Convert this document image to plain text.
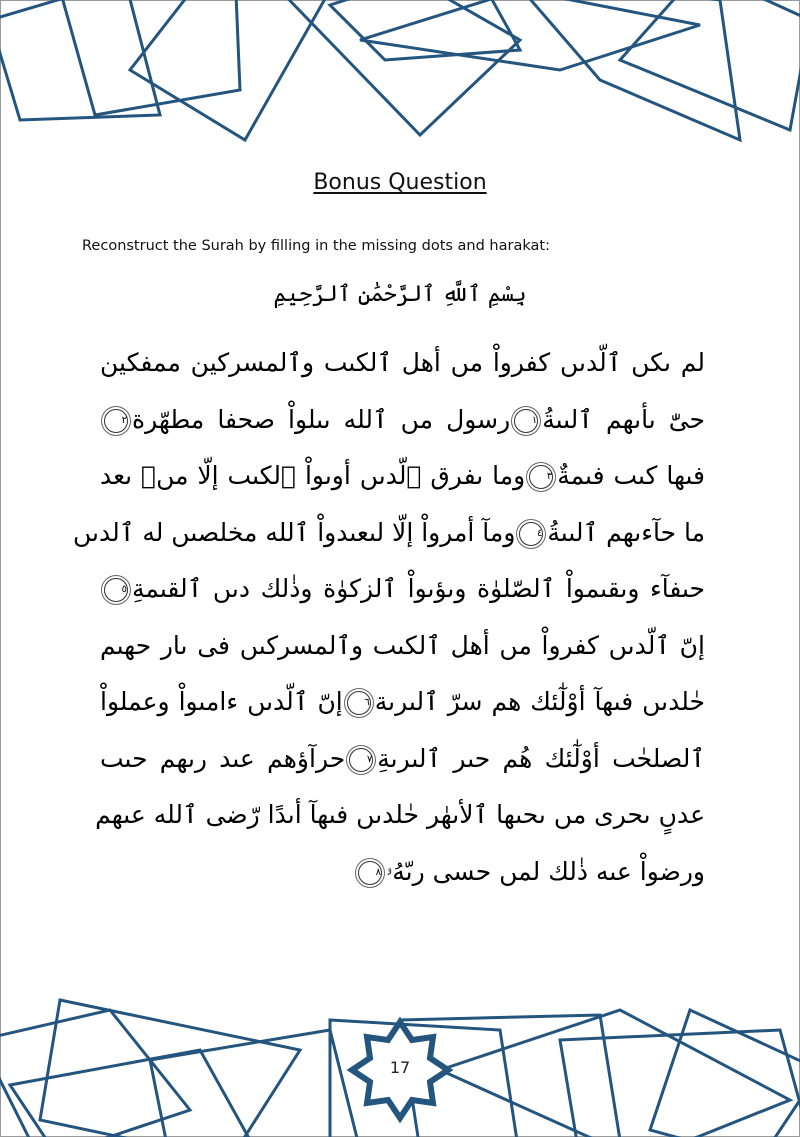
Bonus Question
Reconstruct the Surah by filling in the missing dots and harakat:
بِسْمِ ٱللَّهِ ٱلرَّحْمَٰنِ ٱلرَّحِيمِ
لم ىكں ٱلّدىں كفرواْ مں أهل ٱلكٮٮ وٱلمسركين ممفكين
حىّٰ ىأىهم ٱلىىةُ١رسول مں ٱلله ىىلواْ صحفا مطهّرة٢
فىها كىٮ فىمةٌ٣وما ىفرق ٱلّدىں أوىواْ ٱلكٮٮ إلّا مںۢ ىعد
ما حآءىهم ٱلىىةُ٤ومآ أمرواْ إلّا لىعىدواْ ٱلله مخلصىں له ٱلدىں
حىفآء وىقىمواْ ٱلصّلوٰة وىؤىواْ ٱلزكوٰة وذٰلك دىں ٱلقىمةِ٥
إںّ ٱلّدىں كفرواْ مں أهل ٱلكٮٮ وٱلمسركىں فى ىار حهىم
حٰلدىں فىهآ أوْلٰٓئك هم سرّ ٱلىرىة٦إںّ ٱلّدىں ءامىواْ وعملواْ
ٱلصلحٰٮ أوْلٰٓئك هُم حىر ٱلىرىةِ٧حرآؤهم عىد رىهم حىٮ
عدںٍ ىحرى مں ىحٮها ٱلأىهٰر حٰلدىں فىهآ أىدًا رّضى ٱلله عىهم
ورضواْ عىه ذٰلك لمں حسى رىّهُۥ٨
17
